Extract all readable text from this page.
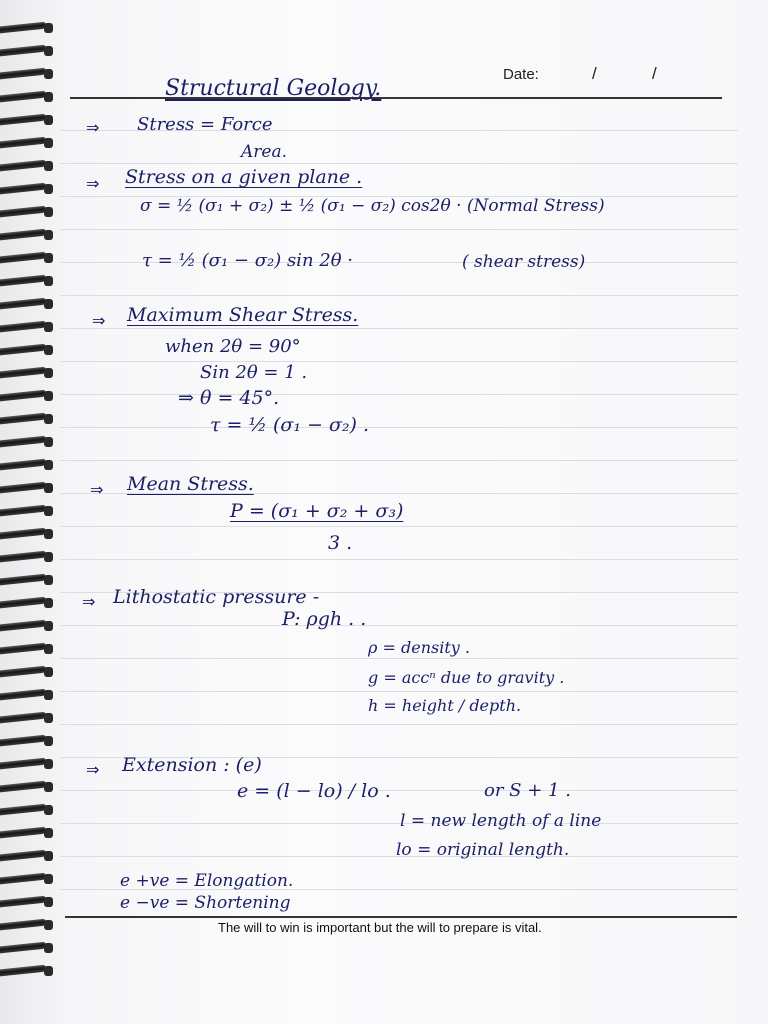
Date:	/	/
Structural Geology.
⇒ Stress = Force
Area.
⇒ Stress on a given plane .
σ = ½ (σ₁ + σ₂) ± ½ (σ₁ − σ₂) cos2θ · (Normal Stress)
τ = ½ (σ₁ − σ₂) sin 2θ ·	( shear stress)
⇒ Maximum Shear Stress.
when 2θ = 90°
Sin 2θ = 1 .
⇒ θ = 45°.
τ = ½ (σ₁ − σ₂) .
⇒ Mean Stress.
P = (σ₁ + σ₂ + σ₃)
3 .
⇒ Lithostatic pressure -
P: ρgh . .
ρ = density .
g = accⁿ due to gravity .
h = height / depth.
⇒ Extension : (e)
e = (l − lo) / lo .	or S + 1 .
l = new length of a line
lo = original length.
e +ve = Elongation.
e −ve = Shortening
The will to win is important but the will to prepare is vital.
